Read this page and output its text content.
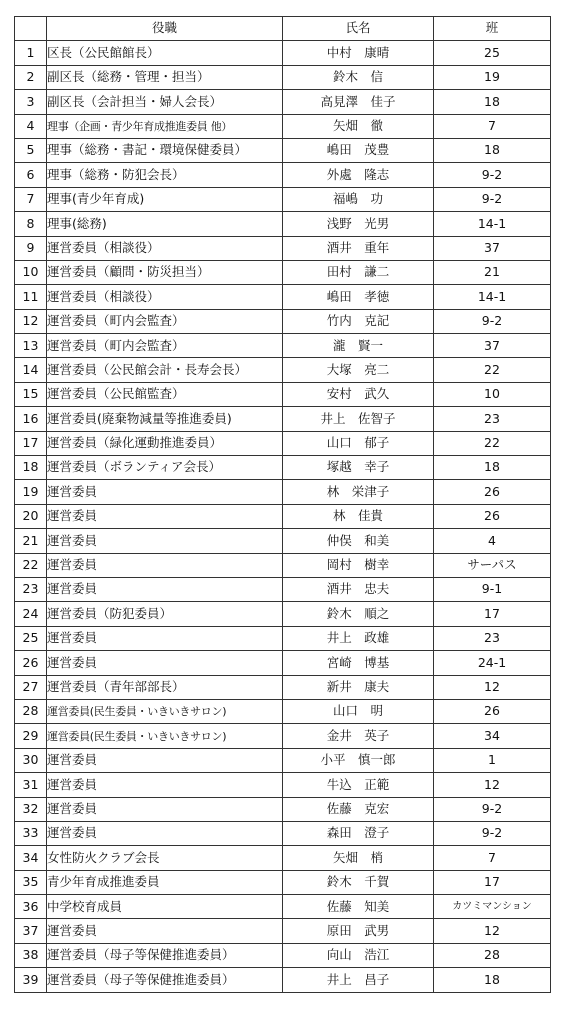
	役職	氏名	班
1	区長（公民館館長）	中村　康晴	25
2	副区長（総務・管理・担当）	鈴木　信	19
3	副区長（会計担当・婦人会長）	高見澤　佳子	18
4	理事（企画・青少年育成推進委員 他）	矢畑　徹	7
5	理事（総務・書記・環境保健委員）	嶋田　茂豊	18
6	理事（総務・防犯会長）	外處　隆志	9-2
7	理事(青少年育成)	福嶋　功	9-2
8	理事(総務)	浅野　光男	14-1
9	運営委員（相談役）	酒井　重年	37
10	運営委員（顧問・防災担当）	田村　謙二	21
11	運営委員（相談役）	嶋田　孝徳	14-1
12	運営委員（町内会監査）	竹内　克記	9-2
13	運営委員（町内会監査）	瀧　賢一	37
14	運営委員（公民館会計・長寿会長）	大塚　亮二	22
15	運営委員（公民館監査）	安村　武久	10
16	運営委員(廃棄物減量等推進委員)	井上　佐智子	23
17	運営委員（緑化運動推進委員）	山口　郁子	22
18	運営委員（ボランティア会長）	塚越　幸子	18
19	運営委員	林　栄津子	26
20	運営委員	林　佳貴	26
21	運営委員	仲俣　和美	4
22	運営委員	岡村　樹幸	サーパス
23	運営委員	酒井　忠夫	9-1
24	運営委員（防犯委員）	鈴木　順之	17
25	運営委員	井上　政雄	23
26	運営委員	宮崎　博基	24-1
27	運営委員（青年部部長）	新井　康夫	12
28	運営委員(民生委員・いきいきサロン)	山口　明	26
29	運営委員(民生委員・いきいきサロン)	金井　英子	34
30	運営委員	小平　慎一郎	1
31	運営委員	牛込　正範	12
32	運営委員	佐藤　克宏	9-2
33	運営委員	森田　澄子	9-2
34	女性防火クラブ会長	矢畑　梢	7
35	青少年育成推進委員	鈴木　千賀	17
36	中学校育成員	佐藤　知美	カツミマンション
37	運営委員	原田　武男	12
38	運営委員（母子等保健推進委員）	向山　浩江	28
39	運営委員（母子等保健推進委員）	井上　昌子	18
